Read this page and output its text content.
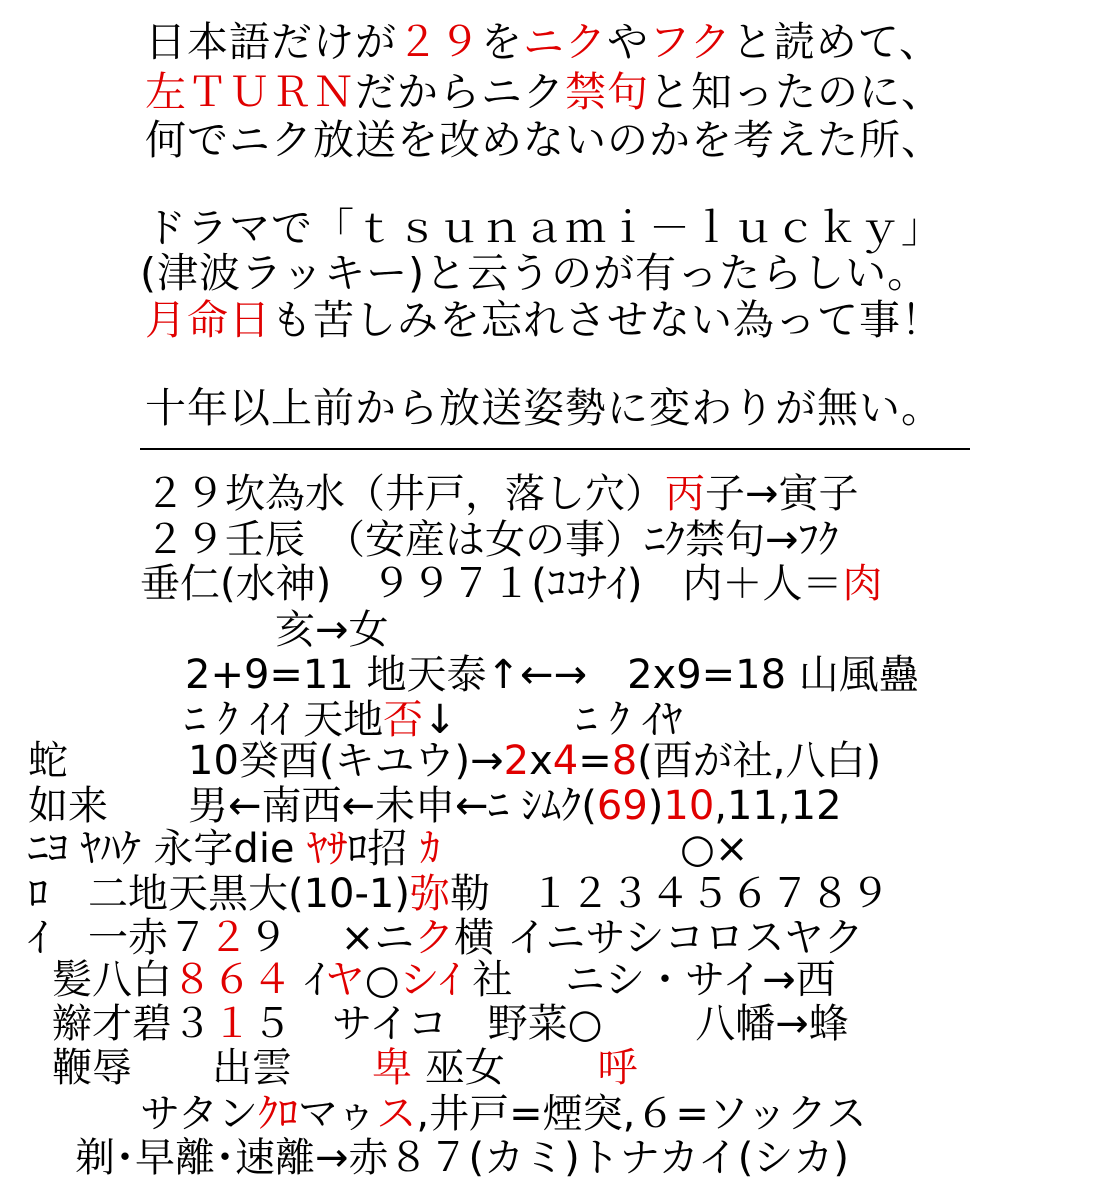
日本語だけが２９をニクやフクと読めて、
左ＴＵＲＮだからニク禁句と知ったのに、
何でニク放送を改めないのかを考えた所、
ドラマで「ｔｓｕｎａｍｉ－ｌｕｃｋｙ」
(津波ラッキー)と云うのが有ったらしい。
月命日も苦しみを忘れさせない為って事！
十年以上前から放送姿勢に変わりが無い。
２９坎為水（井戸，落し穴）丙子→寅子
２９壬辰　（安産は女の事）ﾆｸ禁句→ﾌｸ
垂仁(水神)　９９７１(ｺｺﾅｲ)　内＋人＝肉
亥→女
2+9=11 地天泰↑←→　2x9=18 山風蠱
ﾆ ｸ ｲｲ 天地否↓　　　ﾆ ｸ ｲﾔ
蛇　　　10癸酉(キユウ)→2x4=8(酉が社,八白)
如来　　男←南西←未申←ﾆ ｼﾑｸ(69)10,11,12
ﾆﾖ ﾔﾊｹ 永字die ﾔｻﾛ招 ｶ　　　　　　○×
ﾛ　二地天黒大(10-1)弥勒　１２３４５６７８９
ｲ　一赤７２９　 ×ニク横 イニサシコロスヤク
髪八白８６４ ｲヤ○シｲ 社　 ニシ・サイ→西
辮才碧３１５　サイコ　野菜○　　 八幡→蜂
鞭辱　　出雲　　卑 巫女　　 呼
サタンｸﾛマゥス,井戸=煙突,６=ソックス
剃･早離･速離→赤８７(カミ)トナカイ(シカ)
